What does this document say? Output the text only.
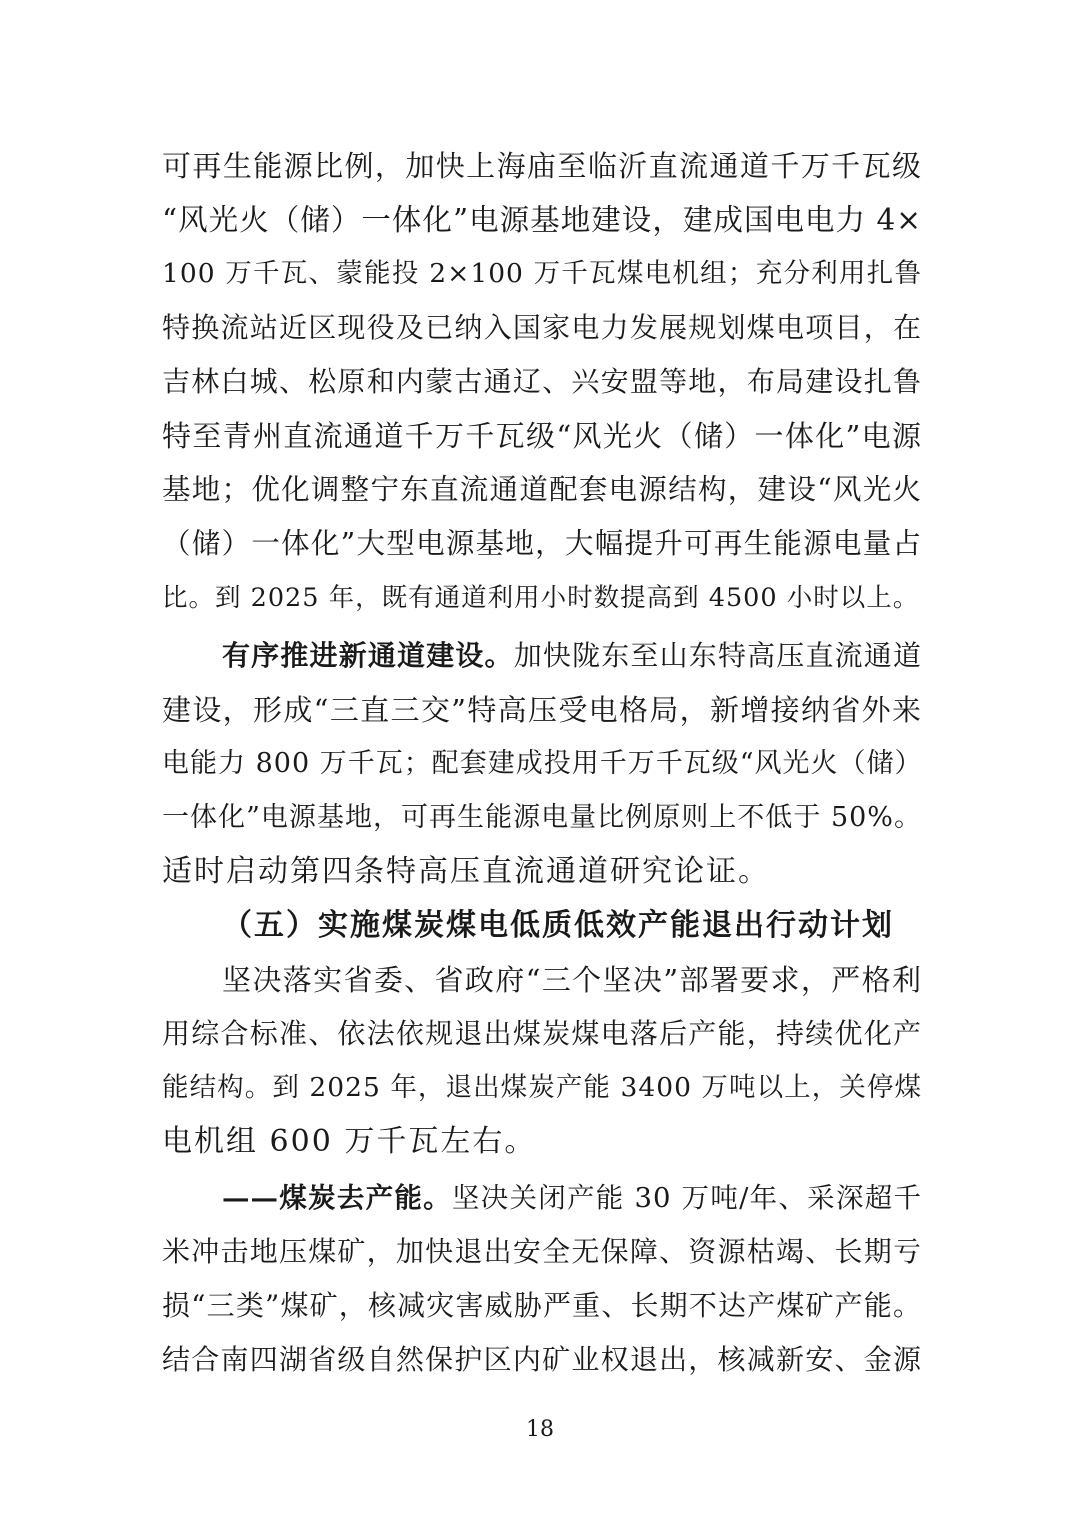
可再生能源比例，加快上海庙至临沂直流通道千万千瓦级
“风光火（储）一体化”电源基地建设，建成国电电力 4×
100 万千瓦、蒙能投 2×100 万千瓦煤电机组；充分利用扎鲁
特换流站近区现役及已纳入国家电力发展规划煤电项目，在
吉林白城、松原和内蒙古通辽、兴安盟等地，布局建设扎鲁
特至青州直流通道千万千瓦级“风光火（储）一体化”电源
基地；优化调整宁东直流通道配套电源结构，建设“风光火
（储）一体化”大型电源基地，大幅提升可再生能源电量占
比。到 2025 年，既有通道利用小时数提高到 4500 小时以上。
有序推进新通道建设。加快陇东至山东特高压直流通道
建设，形成“三直三交”特高压受电格局，新增接纳省外来
电能力 800 万千瓦；配套建成投用千万千瓦级“风光火（储）
一体化”电源基地，可再生能源电量比例原则上不低于 50%。
适时启动第四条特高压直流通道研究论证。
（五）实施煤炭煤电低质低效产能退出行动计划
坚决落实省委、省政府“三个坚决”部署要求，严格利
用综合标准、依法依规退出煤炭煤电落后产能，持续优化产
能结构。到 2025 年，退出煤炭产能 3400 万吨以上，关停煤
电机组 600 万千瓦左右。
——煤炭去产能。坚决关闭产能 30 万吨/年、采深超千
米冲击地压煤矿，加快退出安全无保障、资源枯竭、长期亏
损“三类”煤矿，核减灾害威胁严重、长期不达产煤矿产能。
结合南四湖省级自然保护区内矿业权退出，核减新安、金源
18
